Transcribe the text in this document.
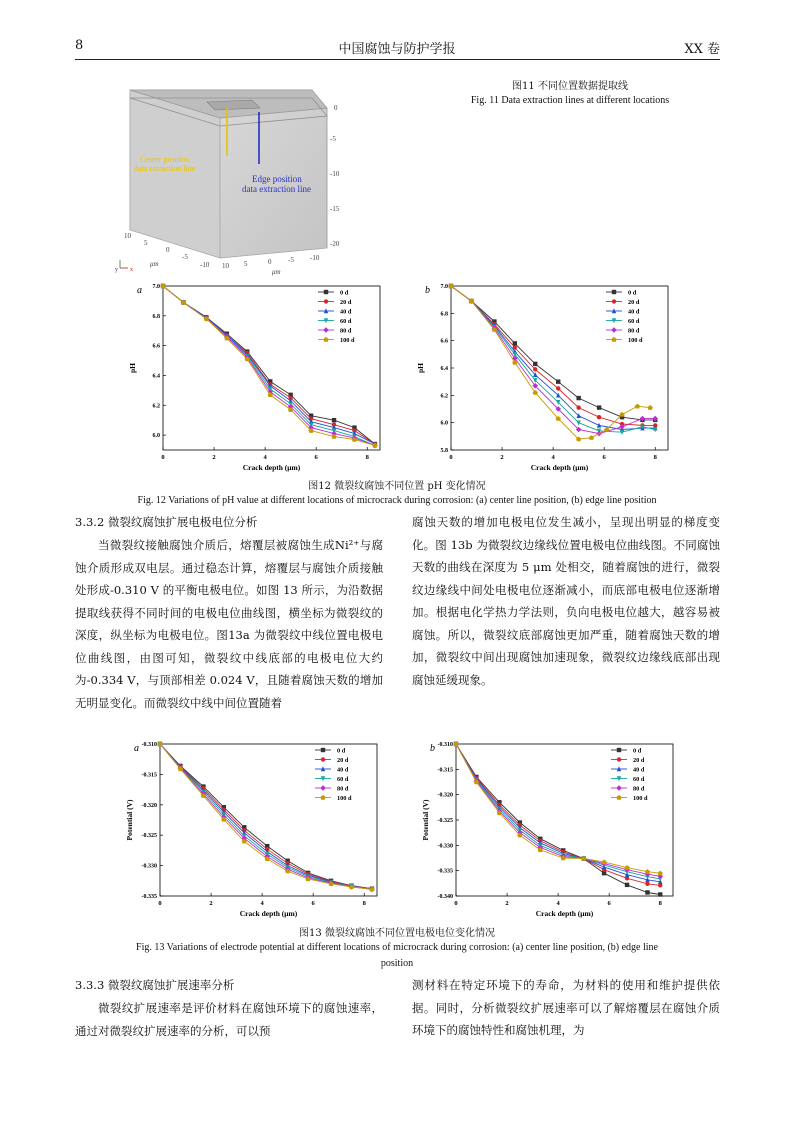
8	中国腐蚀与防护学报	XX 卷
Center position
data extraction line
Edge position
data extraction line
0
-5
-10
-15
-20
10
5
0
-5
-10
μm	10 5	0 -5 -10
μm
y x
图11 不同位置数据提取线
Fig. 11 Data extraction lines at different locations
a
0	2	4	6	8
6.0
6.2
6.4
6.6
6.8
7.0
Crack depth (μm)
pH
0 d
20 d
40 d
60 d
80 d
100 d
b
0	2	4	6	8
5.8
6.0
6.2
6.4
6.6
6.8
7.0
Crack depth (μm)
pH
0 d
20 d
40 d
60 d
80 d
100 d
图12 微裂纹腐蚀不同位置 pH 变化情况
Fig. 12 Variations of pH value at different locations of microcrack during corrosion: (a) center line position, (b) edge line position
3.3.2 微裂纹腐蚀扩展电极电位分析

当微裂纹接触腐蚀介质后，熔覆层被腐蚀生成Ni²⁺与腐蚀介质形成双电层。通过稳态计算，熔覆层与腐蚀介质接触处形成-0.310 V 的平衡电极电位。如图 13 所示，为沿数据提取线获得不同时间的电极电位曲线图，横坐标为微裂纹的深度，纵坐标为电极电位。图13a 为微裂纹中线位置电极电位曲线图，由图可知，微裂纹中线底部的电极电位大约为-0.334 V，与顶部相差 0.024 V，且随着腐蚀天数的增加无明显变化。而微裂纹中线中间位置随着

腐蚀天数的增加电极电位发生减小，呈现出明显的梯度变化。图 13b 为微裂纹边缘线位置电极电位曲线图。不同腐蚀天数的曲线在深度为 5 μm 处相交，随着腐蚀的进行，微裂纹边缘线中间处电极电位逐渐减小，而底部电极电位逐渐增加。根据电化学热力学法则，负向电极电位越大，越容易被腐蚀。所以，微裂纹底部腐蚀更加严重，随着腐蚀天数的增加，微裂纹中间出现腐蚀加速现象，微裂纹边缘线底部出现腐蚀延缓现象。

a
0	2	4	6	8
-0.310
-0.315
-0.320
-0.325
-0.330
-0.335
Crack depth (μm)
Potential (V)
0 d
20 d
40 d
60 d
80 d
100 d
b
0	2	4	6	8
-0.310
-0.315
-0.320
-0.325
-0.330
-0.335
-0.340
Crack depth (μm)
Potential (V)
0 d
20 d
40 d
60 d
80 d
100 d
图13 微裂纹腐蚀不同位置电极电位变化情况
Fig. 13 Variations of electrode potential at different locations of microcrack during corrosion: (a) center line position, (b) edge line
position
3.3.3 微裂纹腐蚀扩展速率分析

微裂纹扩展速率是评价材料在腐蚀环境下的腐蚀速率，通过对微裂纹扩展速率的分析，可以预

测材料在特定环境下的寿命，为材料的使用和维护提供依据。同时，分析微裂纹扩展速率可以了解熔覆层在腐蚀介质环境下的腐蚀特性和腐蚀机理，为
